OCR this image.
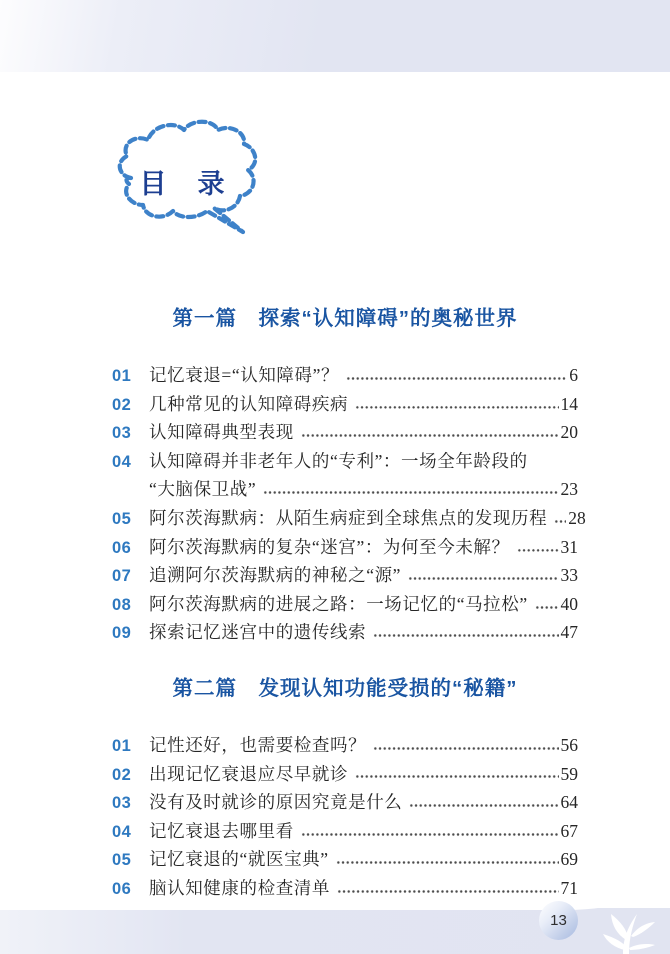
目　录
第一篇　探索“认知障碍”的奥秘世界
01	记忆衰退=“认知障碍”？	6
02	几种常见的认知障碍疾病	14
03	认知障碍典型表现	20
04	认知障碍并非老年人的“专利”：一场全年龄段的
“大脑保卫战”	23
05	阿尔茨海默病：从陌生病症到全球焦点的发现历程 28
06	阿尔茨海默病的复杂“迷宫”：为何至今未解？	31
07	追溯阿尔茨海默病的神秘之“源”	33
08	阿尔茨海默病的进展之路：一场记忆的“马拉松” 40
09	探索记忆迷宫中的遗传线索	47
第二篇　发现认知功能受损的“秘籍”
01	记性还好，也需要检查吗？	56
02	出现记忆衰退应尽早就诊	59
03	没有及时就诊的原因究竟是什么	64
04	记忆衰退去哪里看	67
05	记忆衰退的“就医宝典”	69
06	脑认知健康的检查清单	71
13
